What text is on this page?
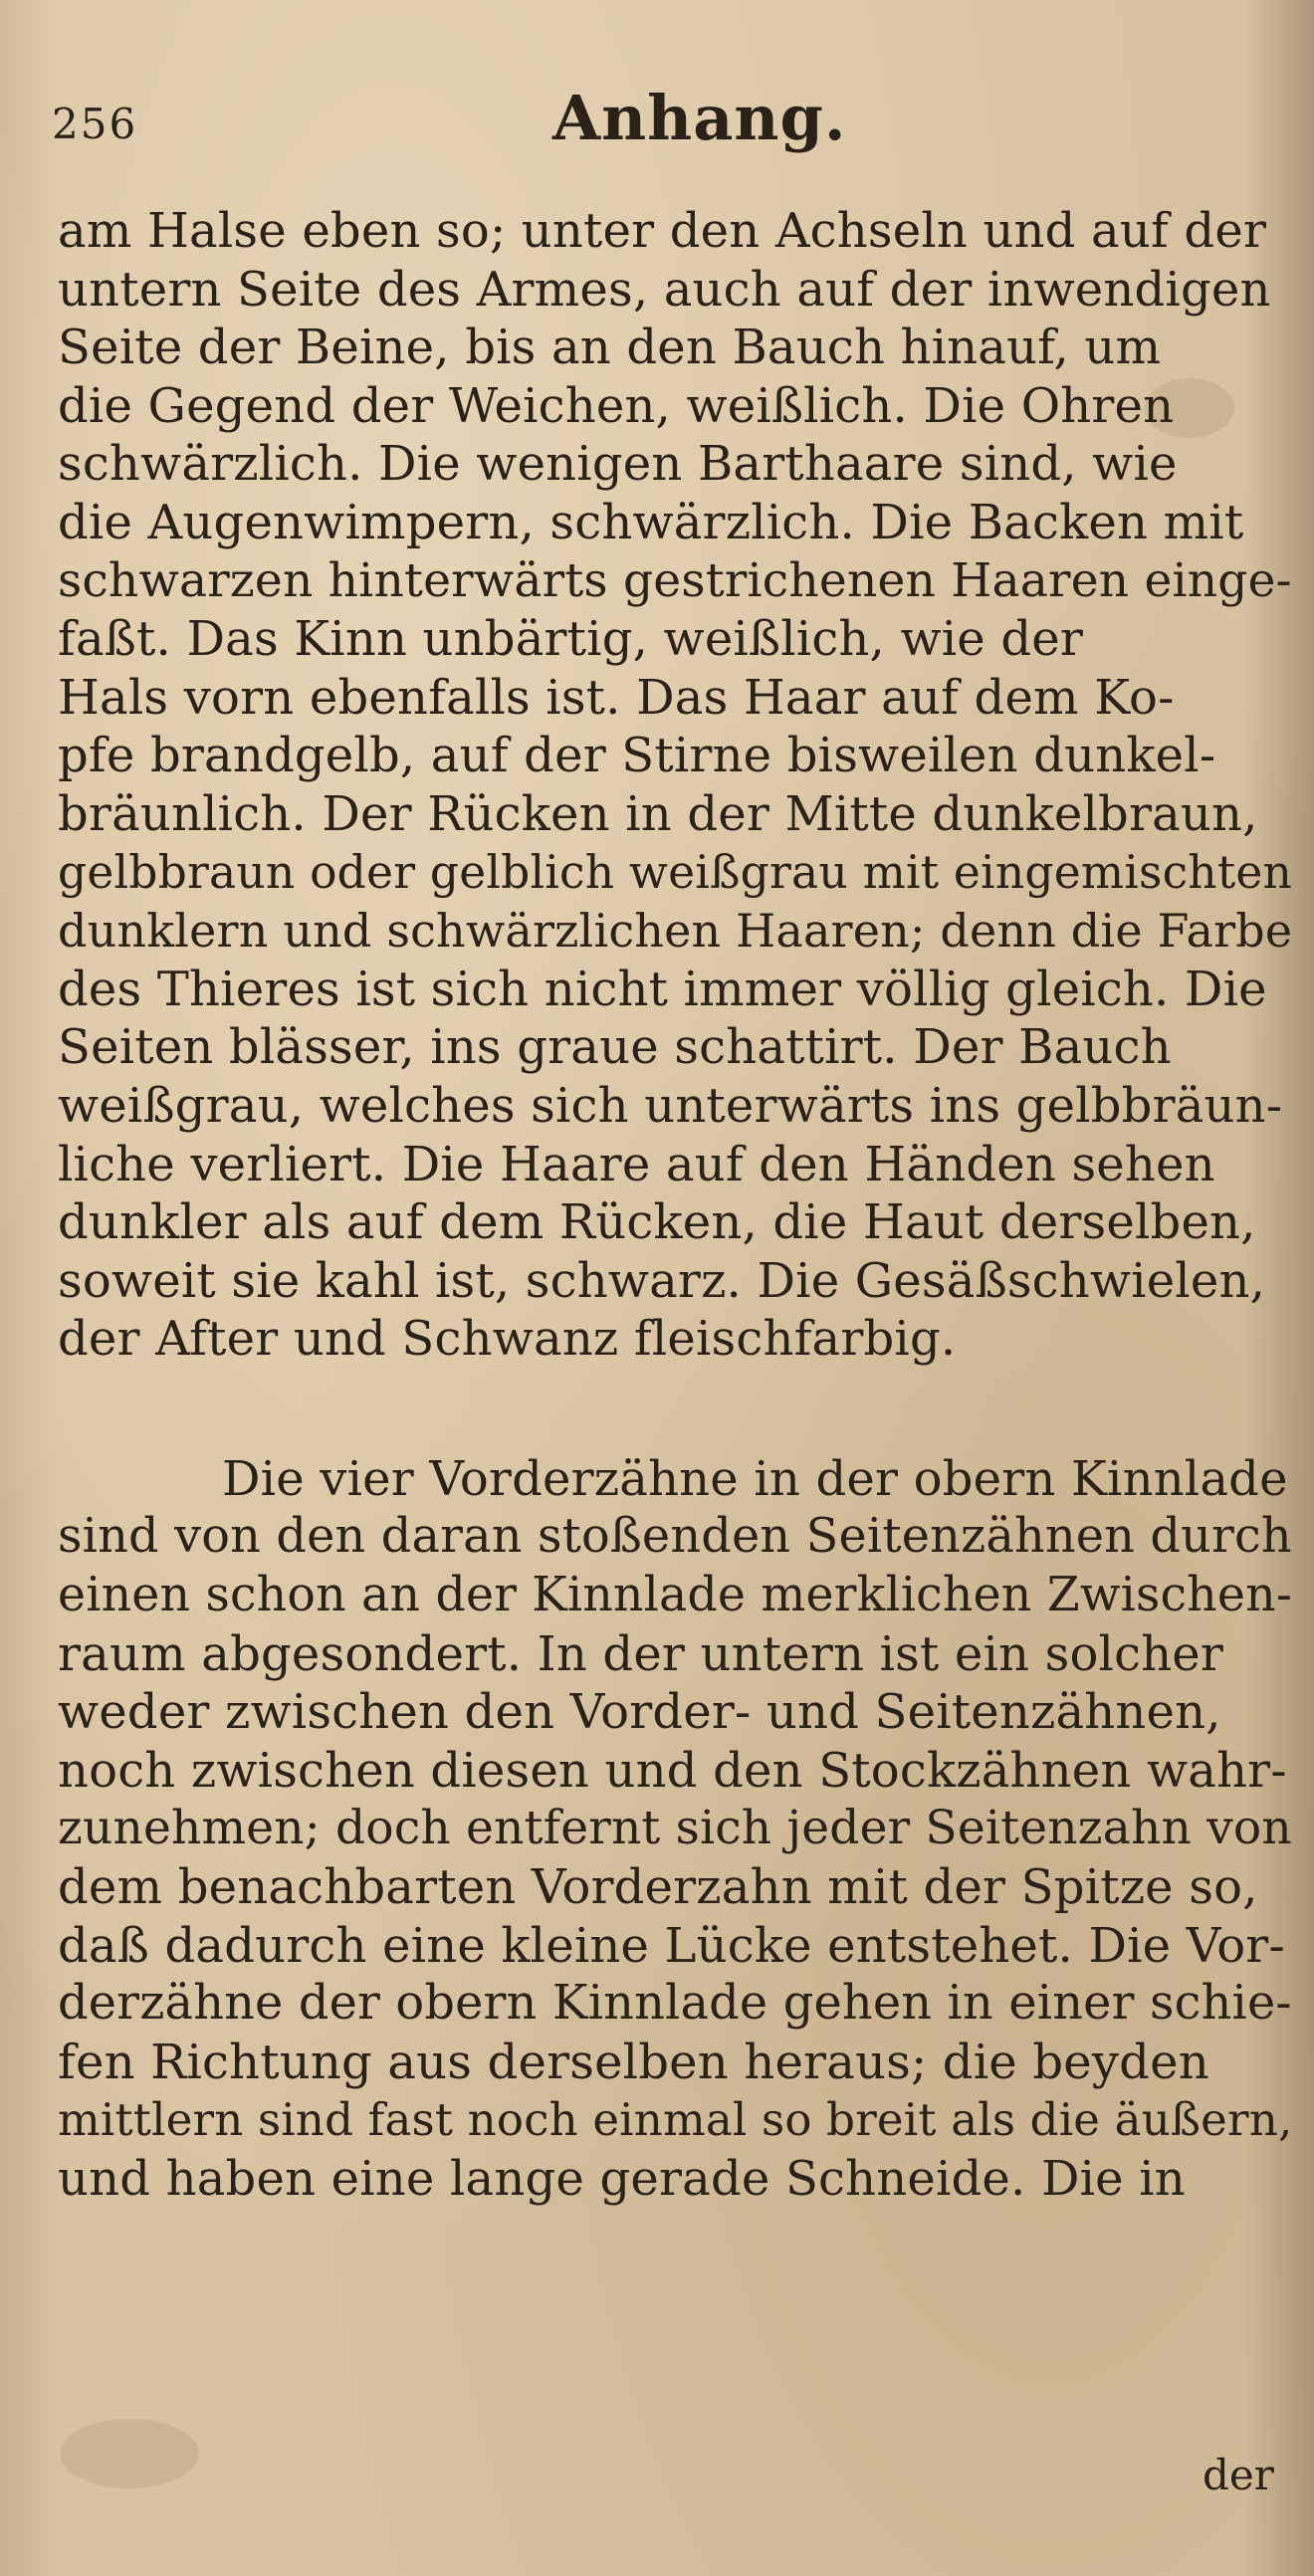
256	Anhang.
am Halse eben so; unter den Achseln und auf der
untern Seite des Armes, auch auf der inwendigen
Seite der Beine, bis an den Bauch hinauf, um
die Gegend der Weichen, weißlich. Die Ohren
schwärzlich. Die wenigen Barthaare sind, wie
die Augenwimpern, schwärzlich. Die Backen mit
schwarzen hinterwärts gestrichenen Haaren einge-
faßt. Das Kinn unbärtig, weißlich, wie der
Hals vorn ebenfalls ist. Das Haar auf dem Ko-
pfe brandgelb, auf der Stirne bisweilen dunkel-
bräunlich. Der Rücken in der Mitte dunkelbraun,
gelbbraun oder gelblich weißgrau mit eingemischten
dunklern und schwärzlichen Haaren; denn die Farbe
des Thieres ist sich nicht immer völlig gleich. Die
Seiten blässer, ins graue schattirt. Der Bauch
weißgrau, welches sich unterwärts ins gelbbräun-
liche verliert. Die Haare auf den Händen sehen
dunkler als auf dem Rücken, die Haut derselben,
soweit sie kahl ist, schwarz. Die Gesäßschwielen,
der After und Schwanz fleischfarbig.
Die vier Vorderzähne in der obern Kinnlade
sind von den daran stoßenden Seitenzähnen durch
einen schon an der Kinnlade merklichen Zwischen-
raum abgesondert. In der untern ist ein solcher
weder zwischen den Vorder- und Seitenzähnen,
noch zwischen diesen und den Stockzähnen wahr-
zunehmen; doch entfernt sich jeder Seitenzahn von
dem benachbarten Vorderzahn mit der Spitze so,
daß dadurch eine kleine Lücke entstehet. Die Vor-
derzähne der obern Kinnlade gehen in einer schie-
fen Richtung aus derselben heraus; die beyden
mittlern sind fast noch einmal so breit als die äußern,
und haben eine lange gerade Schneide. Die in
der
